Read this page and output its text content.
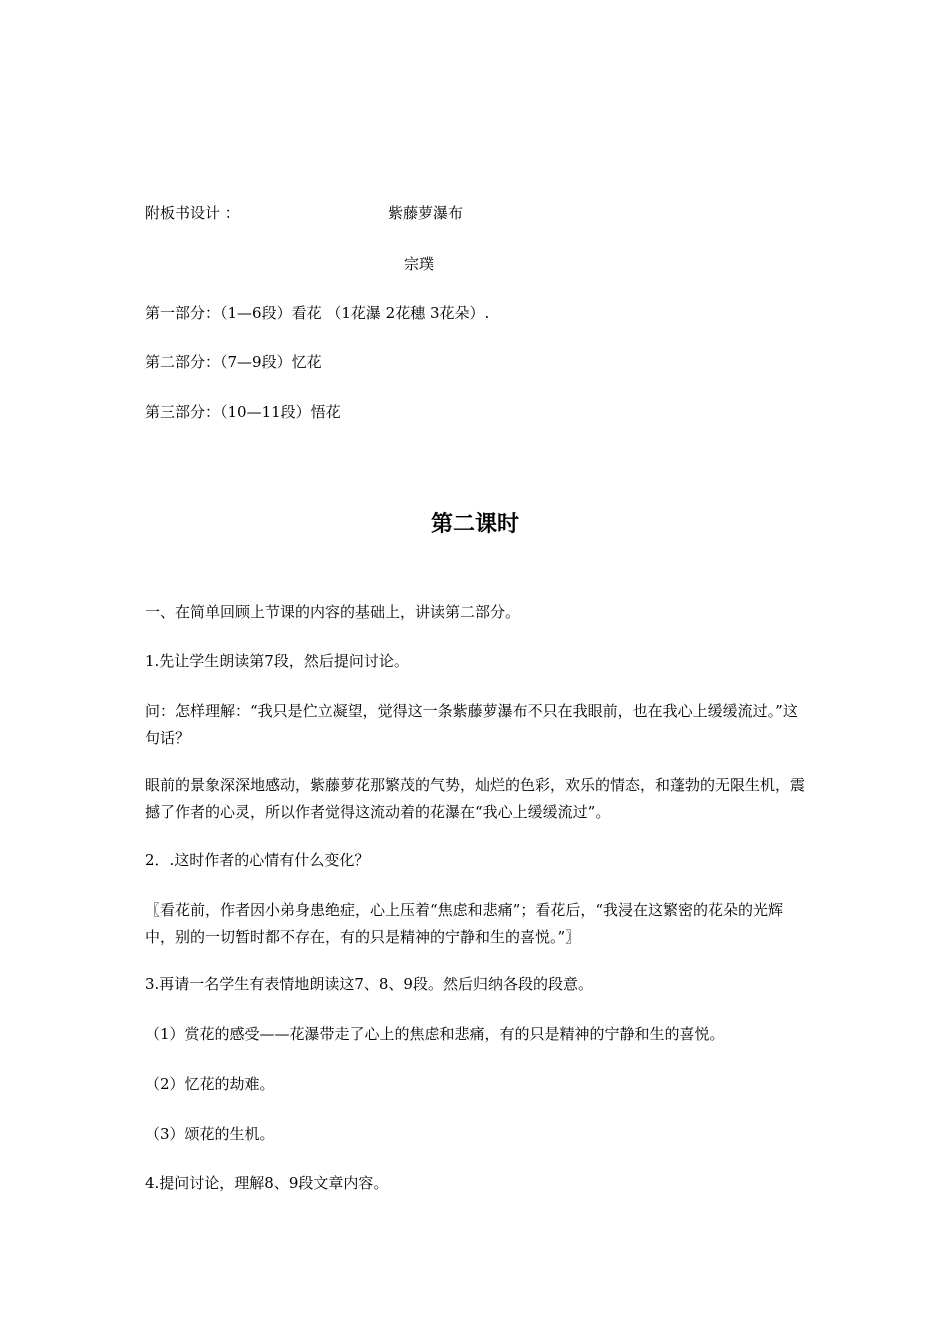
附板书设计 ：	紫藤萝瀑布
宗璞
第一部分：（1—6段）看花 （1花瀑 2花穗 3花朵）.
第二部分：（7—9段）忆花
第三部分：（10—11段）悟花
第二课时
一、在简单回顾上节课的内容的基础上，讲读第二部分。
1.先让学生朗读第7段，然后提问讨论。
问：怎样理解：“我只是伫立凝望，觉得这一条紫藤萝瀑布不只在我眼前，也在我心上缓缓流过。”这句话？
眼前的景象深深地感动，紫藤萝花那繁茂的气势，灿烂的色彩，欢乐的情态，和蓬勃的无限生机，震撼了作者的心灵，所以作者觉得这流动着的花瀑在“我心上缓缓流过”。
2．.这时作者的心情有什么变化？
〖看花前，作者因小弟身患绝症，心上压着“焦虑和悲痛”；看花后，“我浸在这繁密的花朵的光辉中，别的一切暂时都不存在，有的只是精神的宁静和生的喜悦。”〗
3.再请一名学生有表情地朗读这7、8、9段。然后归纳各段的段意。
（1）赏花的感受——花瀑带走了心上的焦虑和悲痛，有的只是精神的宁静和生的喜悦。
（2）忆花的劫难。
（3）颂花的生机。
4.提问讨论，理解8、9段文章内容。
